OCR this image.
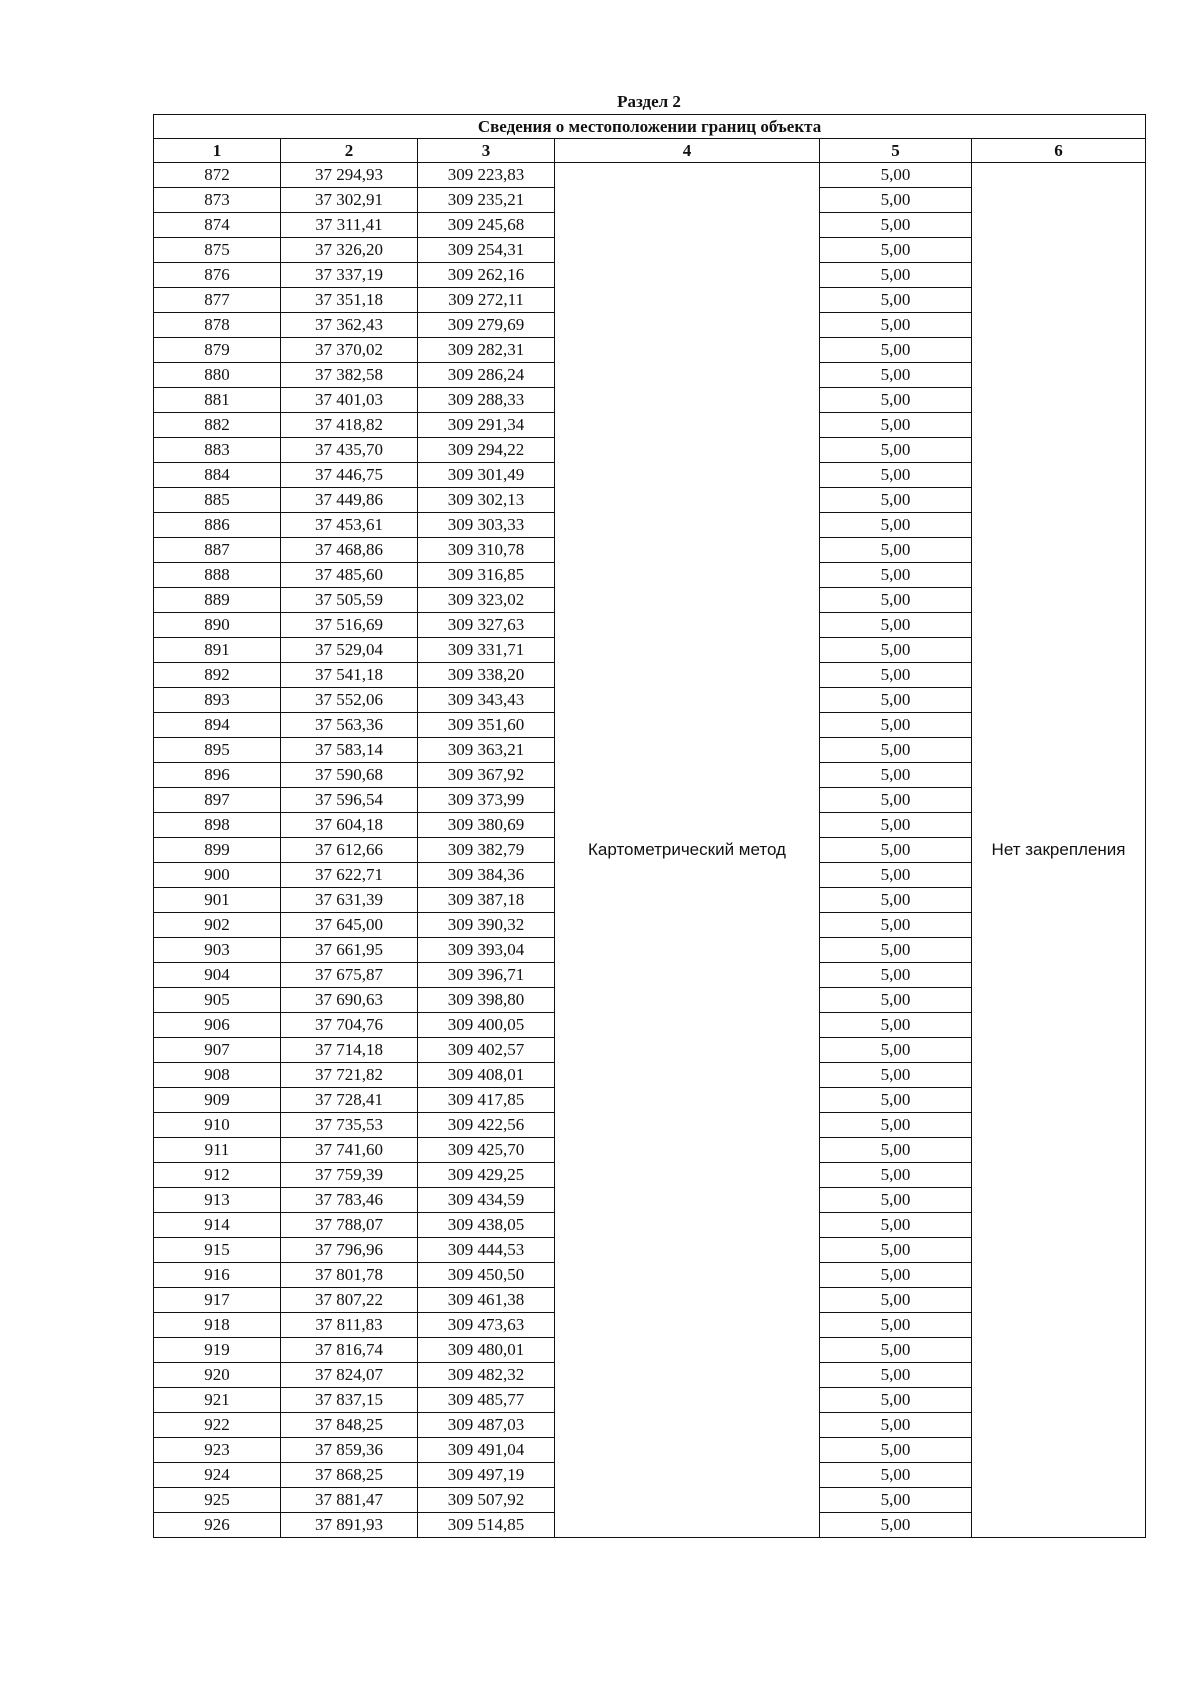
Раздел 2
Сведения о местоположении границ объекта					
1	2	3	4	5	6
872	37 294,93	309 223,83	Картометрический метод	5,00	Нет закрепления
873	37 302,91	309 235,21		5,00	
874	37 311,41	309 245,68		5,00	
875	37 326,20	309 254,31		5,00	
876	37 337,19	309 262,16		5,00	
877	37 351,18	309 272,11		5,00	
878	37 362,43	309 279,69		5,00	
879	37 370,02	309 282,31		5,00	
880	37 382,58	309 286,24		5,00	
881	37 401,03	309 288,33		5,00	
882	37 418,82	309 291,34		5,00	
883	37 435,70	309 294,22		5,00	
884	37 446,75	309 301,49		5,00	
885	37 449,86	309 302,13		5,00	
886	37 453,61	309 303,33		5,00	
887	37 468,86	309 310,78		5,00	
888	37 485,60	309 316,85		5,00	
889	37 505,59	309 323,02		5,00	
890	37 516,69	309 327,63		5,00	
891	37 529,04	309 331,71		5,00	
892	37 541,18	309 338,20		5,00	
893	37 552,06	309 343,43		5,00	
894	37 563,36	309 351,60		5,00	
895	37 583,14	309 363,21		5,00	
896	37 590,68	309 367,92		5,00	
897	37 596,54	309 373,99		5,00	
898	37 604,18	309 380,69		5,00	
899	37 612,66	309 382,79		5,00	
900	37 622,71	309 384,36		5,00	
901	37 631,39	309 387,18		5,00	
902	37 645,00	309 390,32		5,00	
903	37 661,95	309 393,04		5,00	
904	37 675,87	309 396,71		5,00	
905	37 690,63	309 398,80		5,00	
906	37 704,76	309 400,05		5,00	
907	37 714,18	309 402,57		5,00	
908	37 721,82	309 408,01		5,00	
909	37 728,41	309 417,85		5,00	
910	37 735,53	309 422,56		5,00	
911	37 741,60	309 425,70		5,00	
912	37 759,39	309 429,25		5,00	
913	37 783,46	309 434,59		5,00	
914	37 788,07	309 438,05		5,00	
915	37 796,96	309 444,53		5,00	
916	37 801,78	309 450,50		5,00	
917	37 807,22	309 461,38		5,00	
918	37 811,83	309 473,63		5,00	
919	37 816,74	309 480,01		5,00	
920	37 824,07	309 482,32		5,00	
921	37 837,15	309 485,77		5,00	
922	37 848,25	309 487,03		5,00	
923	37 859,36	309 491,04		5,00	
924	37 868,25	309 497,19		5,00	
925	37 881,47	309 507,92		5,00	
926	37 891,93	309 514,85		5,00	
